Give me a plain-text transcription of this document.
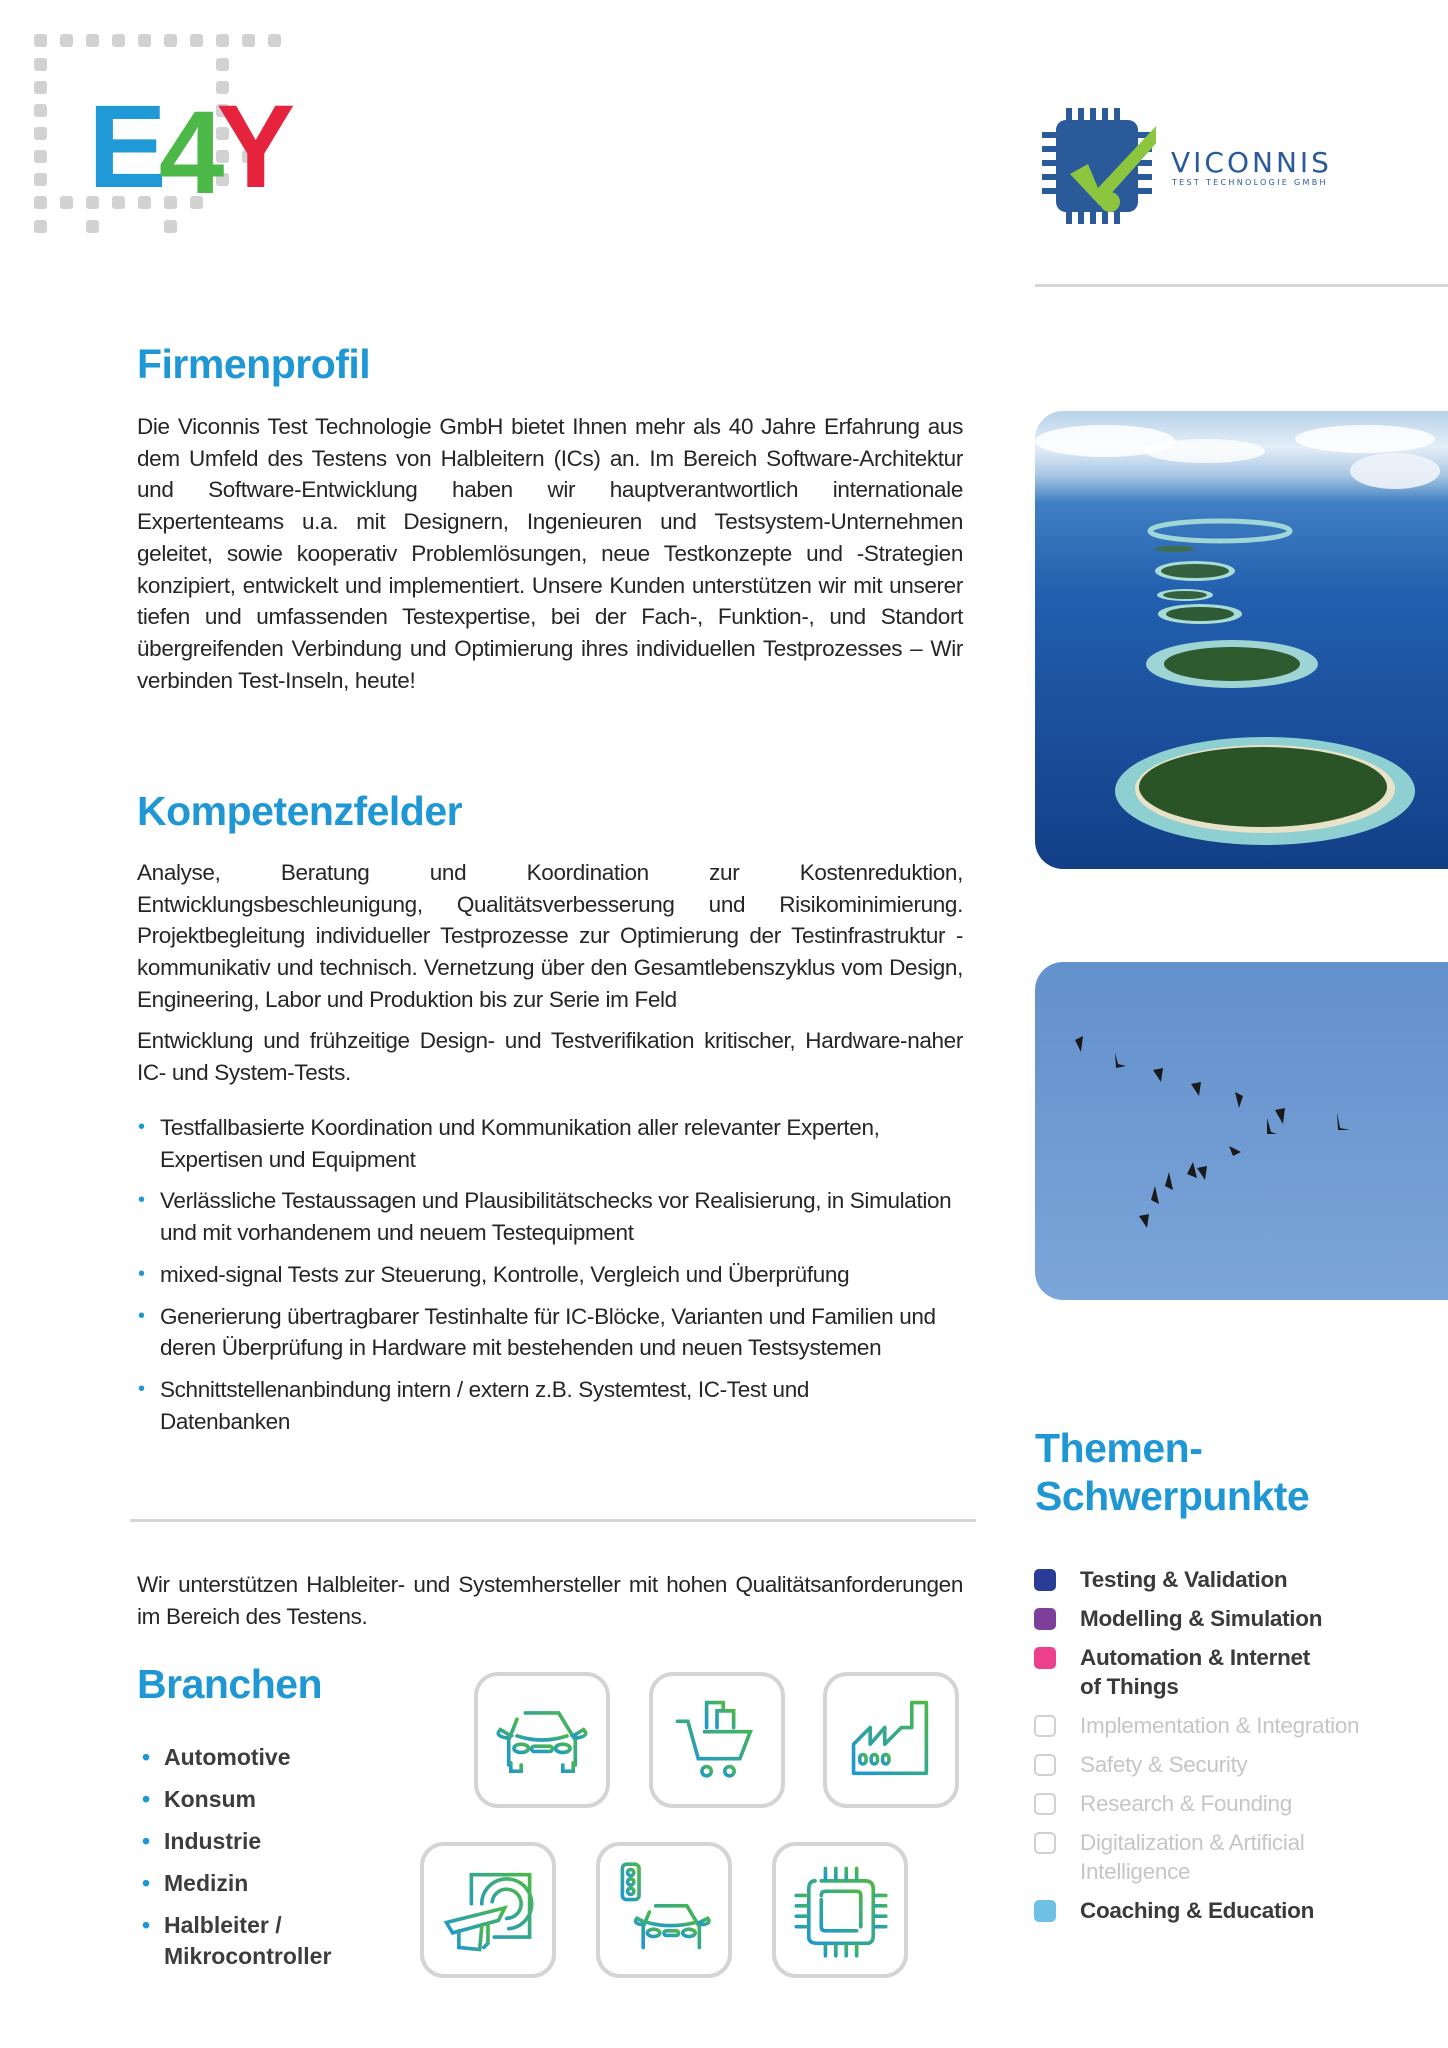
E4Y	VICONNIS
TEST TECHNOLOGIE GMBH
Firmenprofil

Die Viconnis Test Technologie GmbH bietet Ihnen mehr als 40 Jahre Erfahrung aus dem Umfeld des Testens von Halbleitern (ICs) an. Im Bereich Software-Architektur und Software-Entwicklung haben wir hauptverantwortlich internationale Expertenteams u.a. mit Designern, Ingenieuren und Testsystem-Unternehmen geleitet, sowie kooperativ Problemlösungen, neue Testkonzepte und -Strategien konzipiert, entwickelt und implementiert. Unsere Kunden unterstützen wir mit unserer tiefen und umfassenden Testexpertise, bei der Fach-, Funktion-, und Standort übergreifenden Verbindung und Optimierung ihres individuellen Testprozesses – Wir verbinden Test-Inseln, heute!

Kompetenzfelder

Analyse, Beratung und Koordination zur Kostenreduktion, Entwicklungsbeschleunigung, Qualitätsverbesserung und Risikominimierung. Projektbegleitung individueller Testprozesse zur Optimierung der Testinfrastruktur - kommunikativ und technisch. Vernetzung über den Gesamtlebenszyklus vom Design, Engineering, Labor und Produktion bis zur Serie im Feld

Entwicklung und frühzeitige Design- und Testverifikation kritischer, Hardware-naher IC- und System-Tests.

• Testfallbasierte Koordination und Kommunikation aller relevanter Experten, Expertisen und Equipment
• Verlässliche Testaussagen und Plausibilitätschecks vor Realisierung, in Simulation und mit vorhandenem und neuem Testequipment
• mixed-signal Tests zur Steuerung, Kontrolle, Vergleich und Überprüfung
• Generierung übertragbarer Testinhalte für IC-Blöcke, Varianten und Familien und deren Überprüfung in Hardware mit bestehenden und neuen Testsystemen
• Schnittstellenanbindung intern / extern z.B. Systemtest, IC-Test und Datenbanken

Wir unterstützen Halbleiter- und Systemhersteller mit hohen Qualitätsanforderungen im Bereich des Testens.

Branchen
• Automotive
• Konsum
• Industrie
• Medizin
• Halbleiter / Mikrocontroller
Themen-
Schwerpunkte
Testing & Validation
Modelling & Simulation
Automation & Internet of Things
Implementation & Integration
Safety & Security
Research & Founding
Digitalization & Artificial Intelligence
Coaching & Education
